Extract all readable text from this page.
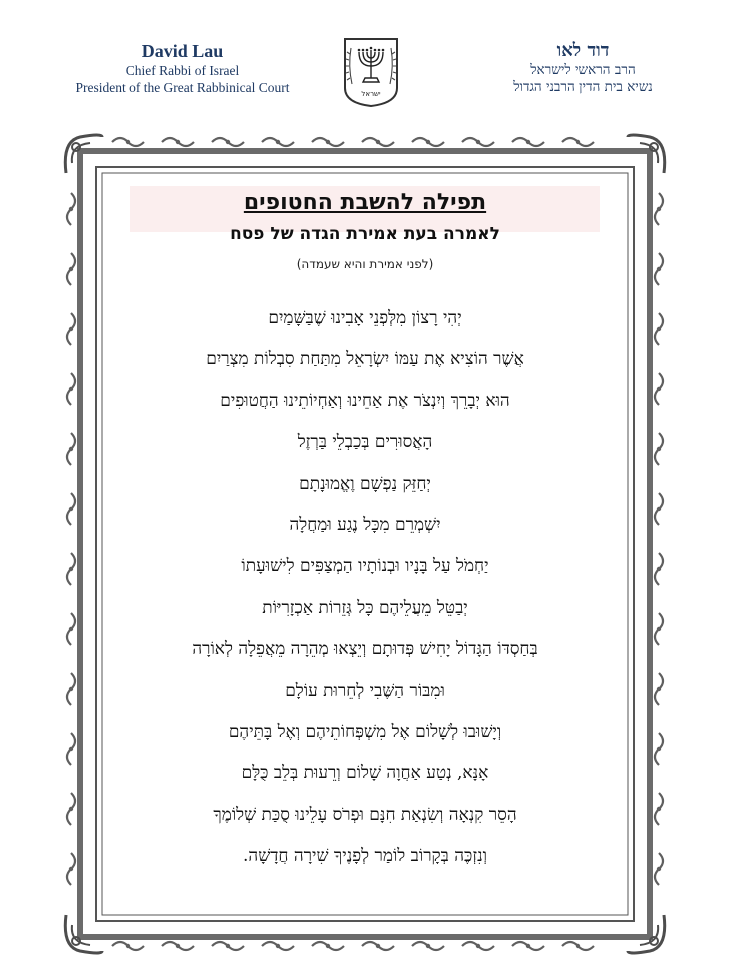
David Lau
Chief Rabbi of Israel
President of the Great Rabbinical Court	ישראל
דוד לאו
הרב הראשי לישראל
נשיא בית הדין הרבני הגדול
תפילה להשבת החטופים
לאמרה בעת אמירת הגדה של פסח
(לפני אמירת והיא שעמדה)
יְהִי רָצוֹן מִלְּפְנֵי אָבִינוּ שֶׁבַּשָּׁמַיִם
אֲשֶׁר הוֹצִיא אֶת עַמּוֹ יִשְׂרָאֵל מִתַּחַת סִבְלוֹת מִצְרַיִם
הוּא יְבָרֵךְ וְיִנְצֹר אֶת אַחֵינוּ וְאַחְיוֹתֵינוּ הַחֲטוּפִים
הָאֲסוּרִים בְּכַבְלֵי בַּרְזֶל
יְחַזֵּק נַפְשָׁם וֶאֱמוּנָתָם
יִשְׁמְרֵם מִכָּל נֶגַע וּמַחֲלָה
יַחְמֹל עַל בָּנָיו וּבְנוֹתָיו הַמְצַפִּים לִישׁוּעָתוֹ
יְבַטֵּל מֵעֲלֵיהֶם כָּל גְּזֵרוֹת אַכְזָרִיּוֹת
בְּחַסְדּוֹ הַגָּדוֹל יָחִישׁ פְּדוּתָם וְיֵצְאוּ מְהֵרָה מֵאֲפֵלָה לְאוֹרָה
וּמִבּוֹר הַשֶּׁבִי לְחֵרוּת עוֹלָם
וְיָשׁוּבוּ לְשָׁלוֹם אֶל מִשְׁפְּחוֹתֵיהֶם וְאֶל בָּתֵּיהֶם
אָנָּא, נְטַע אַחֲוָה שָׁלוֹם וְרֵעוּת בְּלֵב כֻּלָּם
הָסֵר קִנְאָה וְשִׂנְאַת חִנָּם וּפְרֹס עָלֵינוּ סֻכַּת שְׁלוֹמֶךָ
וְנִזְכֶּה בְּקָרוֹב לוֹמַר לְפָנֶיךָ שִׁירָה חֲדָשָׁה.
